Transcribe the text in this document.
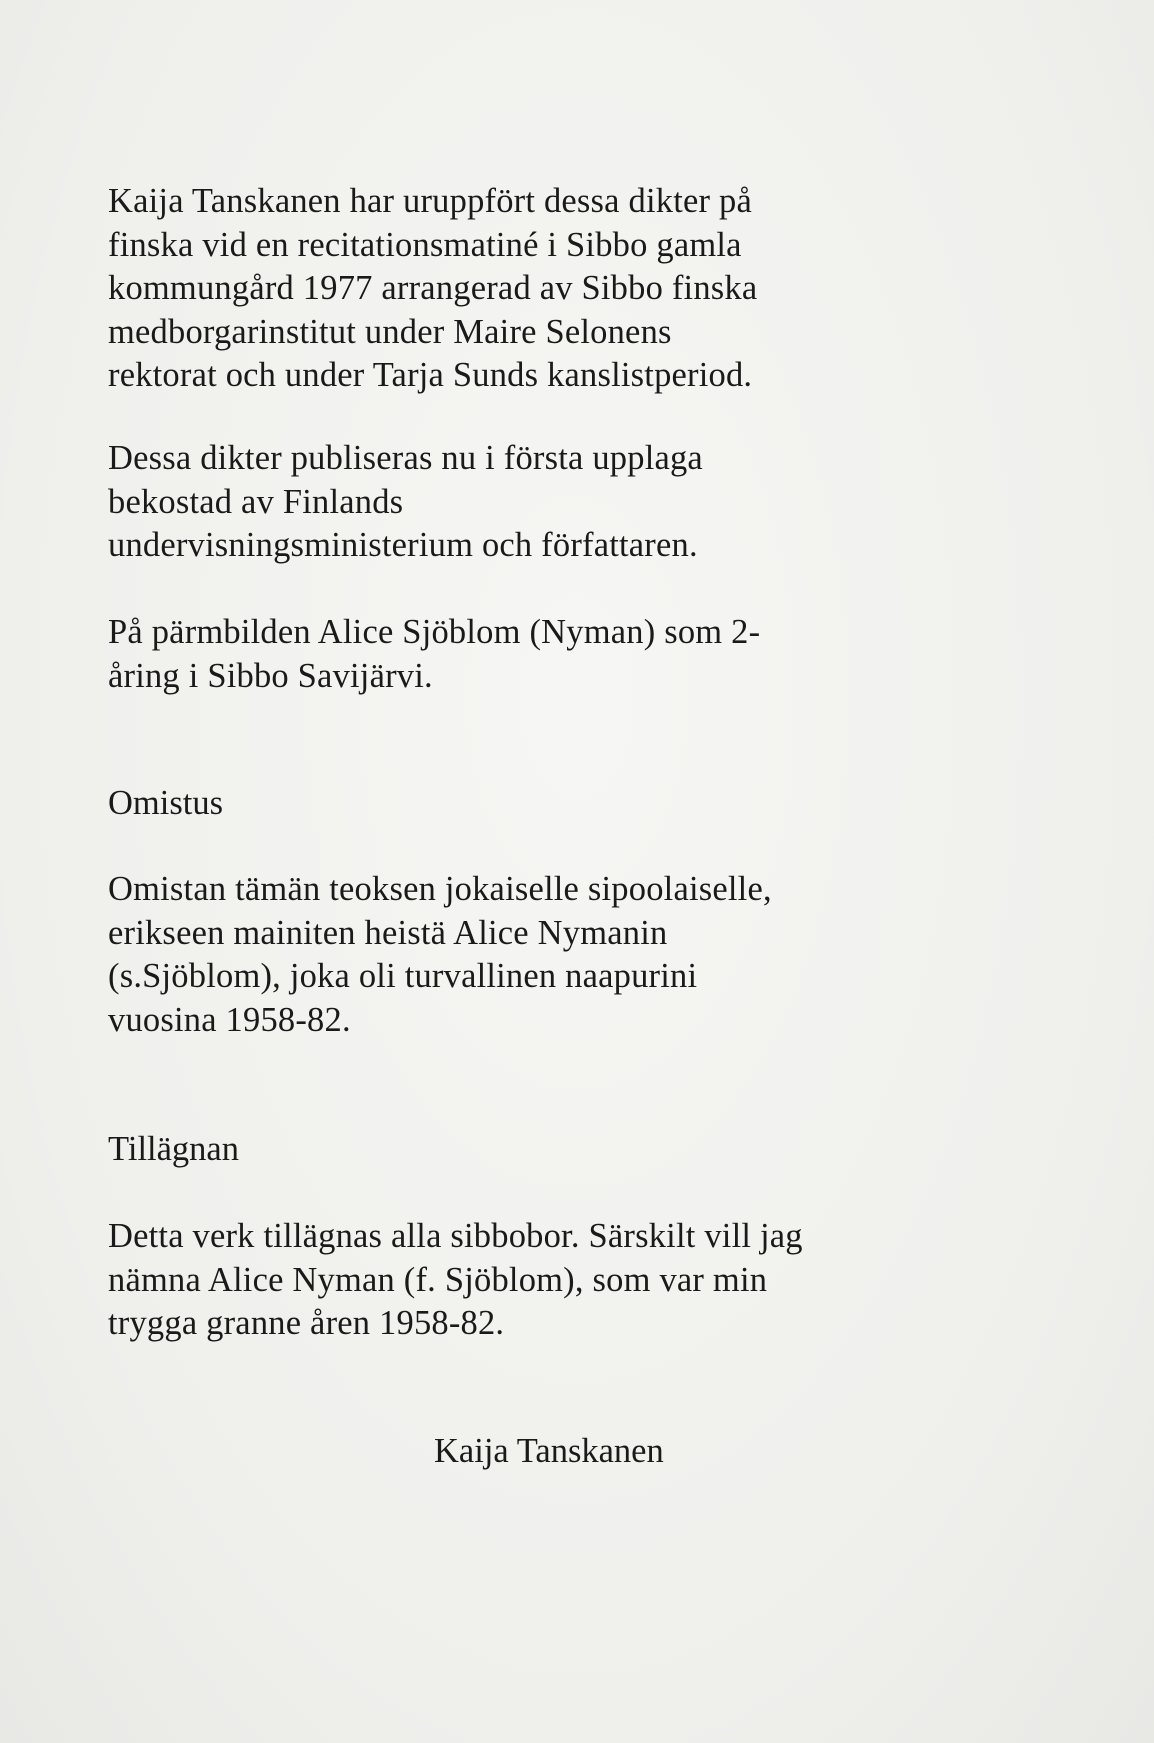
Kaija Tanskanen har uruppfört dessa dikter på
finska vid en recitationsmatiné i Sibbo gamla
kommungård 1977 arrangerad av Sibbo finska
medborgarinstitut under Maire Selonens
rektorat och under Tarja Sunds kanslistperiod.
Dessa dikter publiseras nu i första upplaga
bekostad av Finlands
undervisningsministerium och författaren.
På pärmbilden Alice Sjöblom (Nyman) som 2-
åring i Sibbo Savijärvi.
Omistus
Omistan tämän teoksen jokaiselle sipoolaiselle,
erikseen mainiten heistä Alice Nymanin
(s.Sjöblom), joka oli turvallinen naapurini
vuosina 1958-82.
Tillägnan
Detta verk tillägnas alla sibbobor. Särskilt vill jag
nämna Alice Nyman (f. Sjöblom), som var min
trygga granne åren 1958-82.
Kaija Tanskanen
